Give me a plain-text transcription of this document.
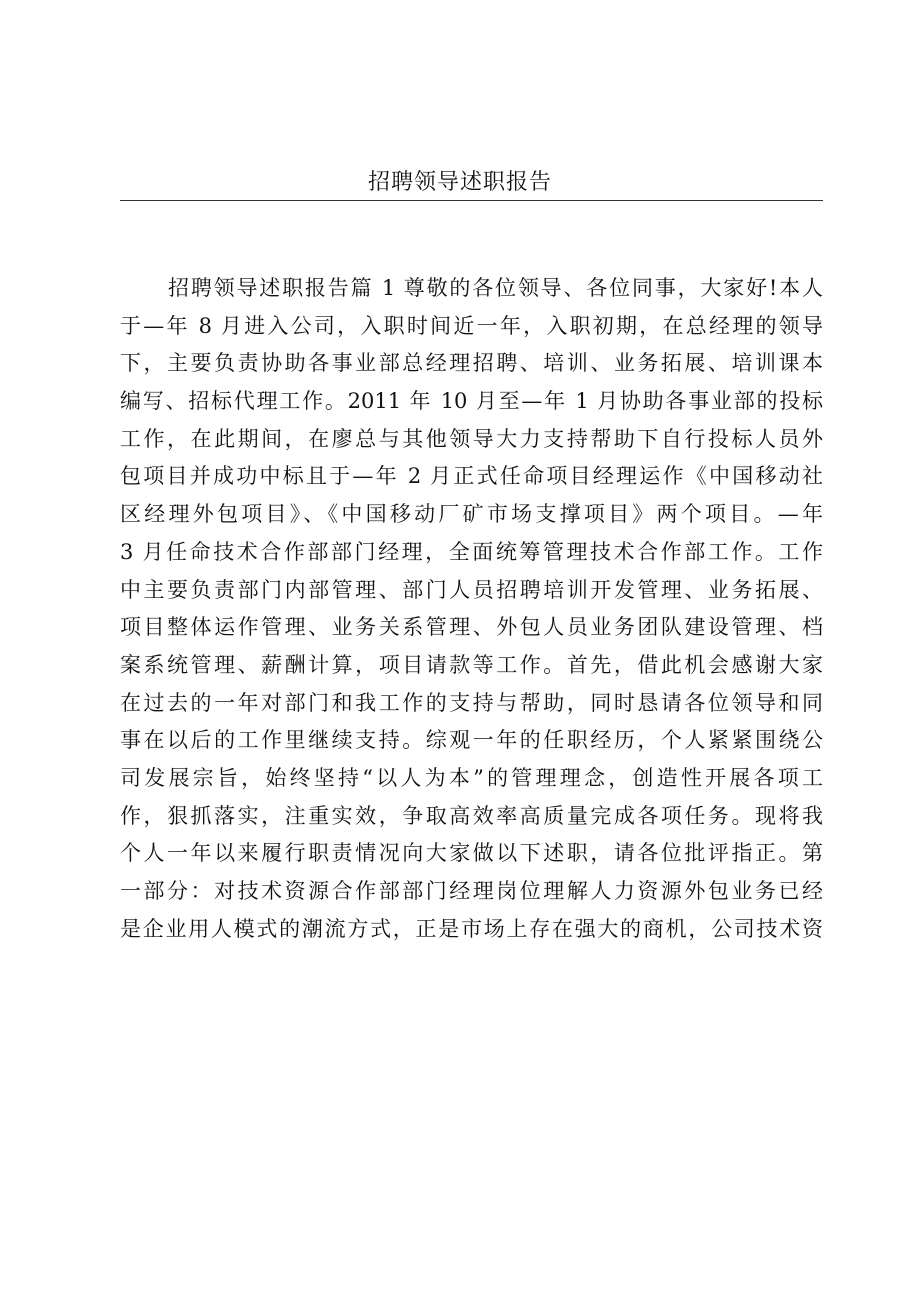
招聘领导述职报告
招聘领导述职报告篇 1 尊敬的各位领导、各位同事，大家好!本人
于—年 8 月进入公司，入职时间近一年，入职初期，在总经理的领导
下，主要负责协助各事业部总经理招聘、培训、业务拓展、培训课本
编写、招标代理工作。2011 年 10 月至—年 1 月协助各事业部的投标
工作，在此期间，在廖总与其他领导大力支持帮助下自行投标人员外
包项目并成功中标且于—年 2 月正式任命项目经理运作《中国移动社
区经理外包项目》、《中国移动厂矿市场支撑项目》两个项目。—年
3 月任命技术合作部部门经理，全面统筹管理技术合作部工作。工作
中主要负责部门内部管理、部门人员招聘培训开发管理、业务拓展、
项目整体运作管理、业务关系管理、外包人员业务团队建设管理、档
案系统管理、薪酬计算，项目请款等工作。首先，借此机会感谢大家
在过去的一年对部门和我工作的支持与帮助，同时恳请各位领导和同
事在以后的工作里继续支持。综观一年的任职经历，个人紧紧围绕公
司发展宗旨，始终坚持“以人为本”的管理理念，创造性开展各项工
作，狠抓落实，注重实效，争取高效率高质量完成各项任务。现将我
个人一年以来履行职责情况向大家做以下述职，请各位批评指正。第
一部分：对技术资源合作部部门经理岗位理解人力资源外包业务已经
是企业用人模式的潮流方式，正是市场上存在强大的商机，公司技术资
